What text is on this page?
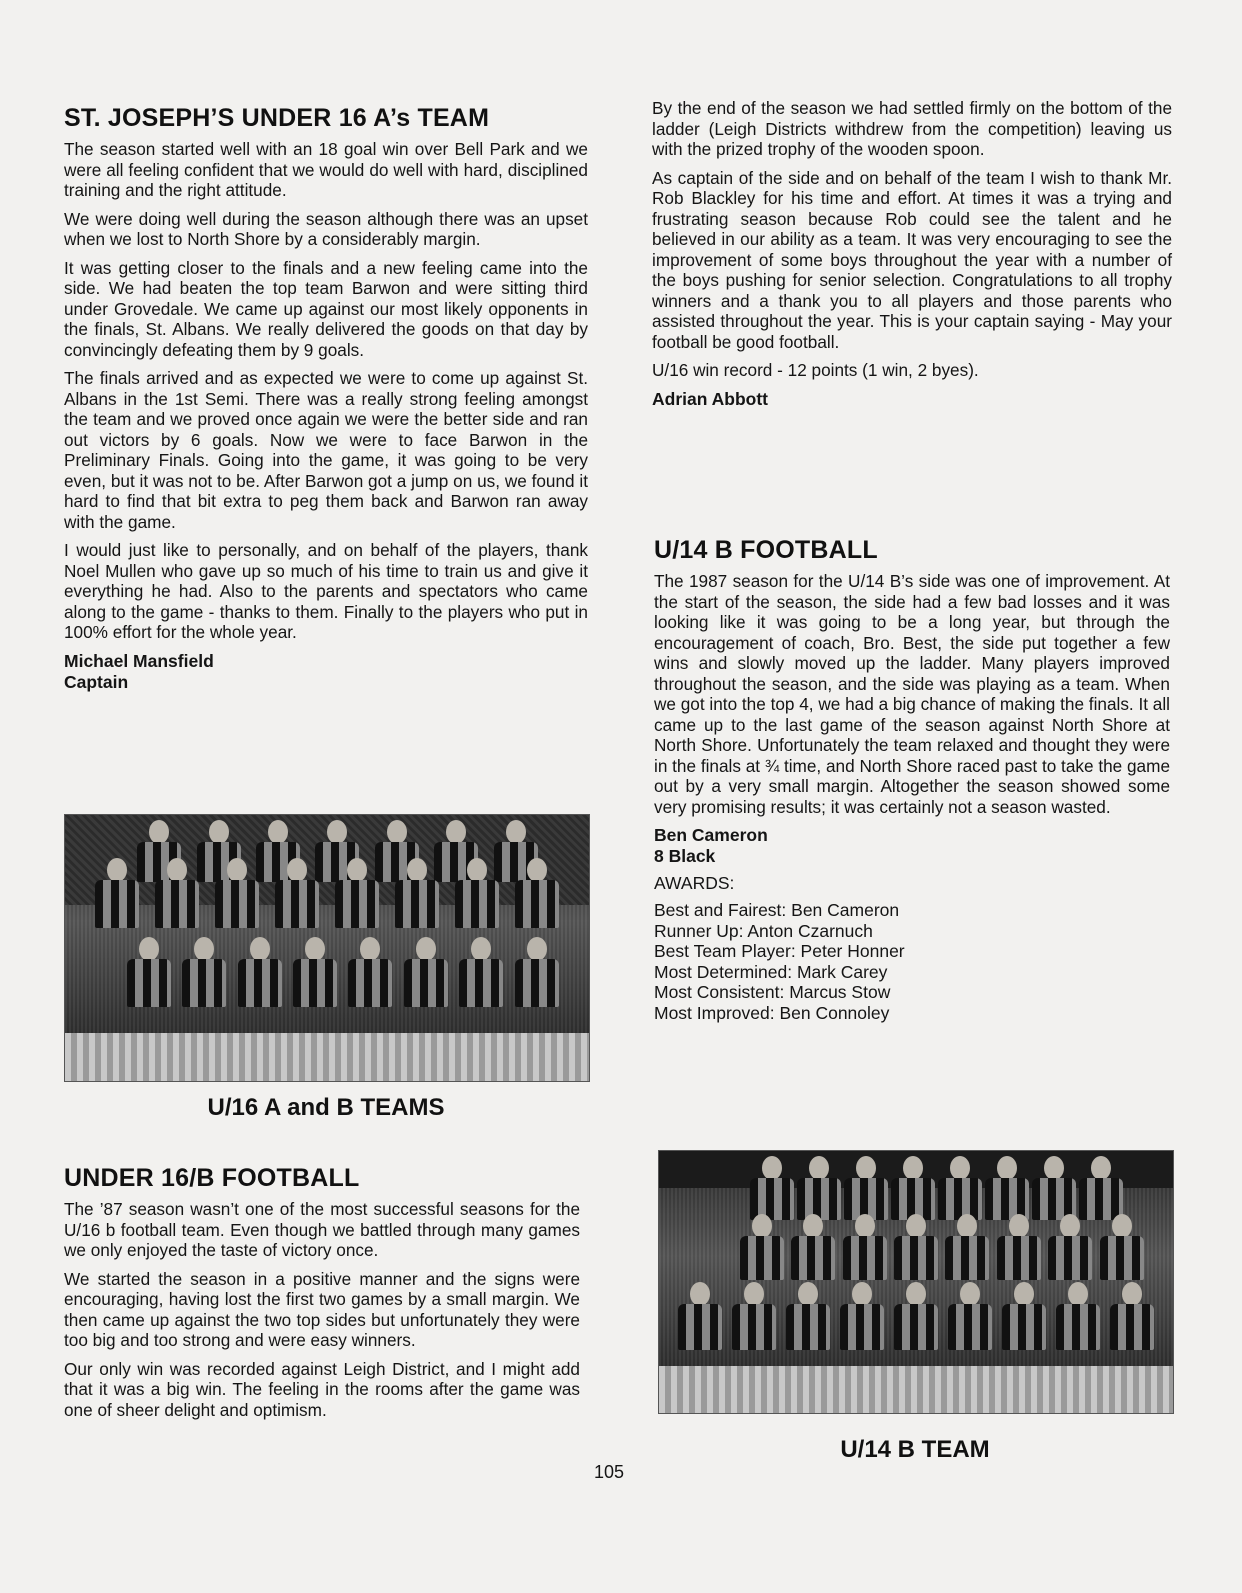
ST. JOSEPH’S UNDER 16 A’s TEAM

The season started well with an 18 goal win over Bell Park and we were all feeling confident that we would do well with hard, disciplined training and the right attitude.

We were doing well during the season although there was an upset when we lost to North Shore by a considerably margin.

It was getting closer to the finals and a new feeling came into the side. We had beaten the top team Barwon and were sitting third under Grovedale. We came up against our most likely opponents in the finals, St. Albans. We really delivered the goods on that day by convincingly defeating them by 9 goals.

The finals arrived and as expected we were to come up against St. Albans in the 1st Semi. There was a really strong feeling amongst the team and we proved once again we were the better side and ran out victors by 6 goals. Now we were to face Barwon in the Preliminary Finals. Going into the game, it was going to be very even, but it was not to be. After Barwon got a jump on us, we found it hard to find that bit extra to peg them back and Barwon ran away with the game.

I would just like to personally, and on behalf of the players, thank Noel Mullen who gave up so much of his time to train us and give it everything he had. Also to the parents and spectators who came along to the game - thanks to them. Finally to the players who put in 100% effort for the whole year.

Michael Mansfield
Captain
U/16 A and B TEAMS
UNDER 16/B FOOTBALL

The ’87 season wasn’t one of the most successful seasons for the U/16 b football team. Even though we battled through many games we only enjoyed the taste of victory once.

We started the season in a positive manner and the signs were encouraging, having lost the first two games by a small margin. We then came up against the two top sides but unfortunately they were too big and too strong and were easy winners.

Our only win was recorded against Leigh District, and I might add that it was a big win. The feeling in the rooms after the game was one of sheer delight and optimism.

By the end of the season we had settled firmly on the bottom of the ladder (Leigh Districts withdrew from the competition) leaving us with the prized trophy of the wooden spoon.

As captain of the side and on behalf of the team I wish to thank Mr. Rob Blackley for his time and effort. At times it was a trying and frustrating season because Rob could see the talent and he believed in our ability as a team. It was very encouraging to see the improvement of some boys throughout the year with a number of the boys pushing for senior selection. Congratulations to all trophy winners and a thank you to all players and those parents who assisted throughout the year. This is your captain saying - May your football be good football.

U/16 win record - 12 points (1 win, 2 byes).

Adrian Abbott
U/14 B FOOTBALL

The 1987 season for the U/14 B’s side was one of improvement. At the start of the season, the side had a few bad losses and it was looking like it was going to be a long year, but through the encouragement of coach, Bro. Best, the side put together a few wins and slowly moved up the ladder. Many players improved throughout the season, and the side was playing as a team. When we got into the top 4, we had a big chance of making the finals. It all came up to the last game of the season against North Shore at North Shore. Unfortunately the team relaxed and thought they were in the finals at ¾ time, and North Shore raced past to take the game out by a very small margin. Altogether the season showed some very promising results; it was certainly not a season wasted.

Ben Cameron
8 Black
AWARDS:
Best and Fairest: Ben Cameron
Runner Up: Anton Czarnuch
Best Team Player: Peter Honner
Most Determined: Mark Carey
Most Consistent: Marcus Stow
Most Improved: Ben Connoley
U/14 B TEAM
105
